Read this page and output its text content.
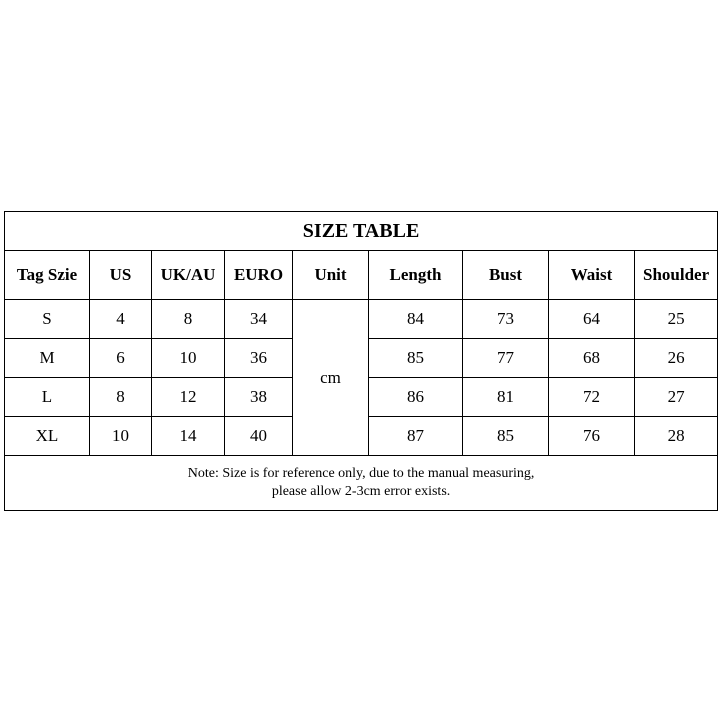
SIZE TABLE								
Tag Szie	US	UK/AU	EURO	Unit	Length	Bust	Waist	Shoulder
S	4	8	34	cm	84	73	64	25
M	6	10	36		85	77	68	26
L	8	12	38		86	81	72	27
XL	10	14	40		87	85	76	28

Note: Size is for reference only, due to the manual measuring,
please allow 2-3cm error exists.								
